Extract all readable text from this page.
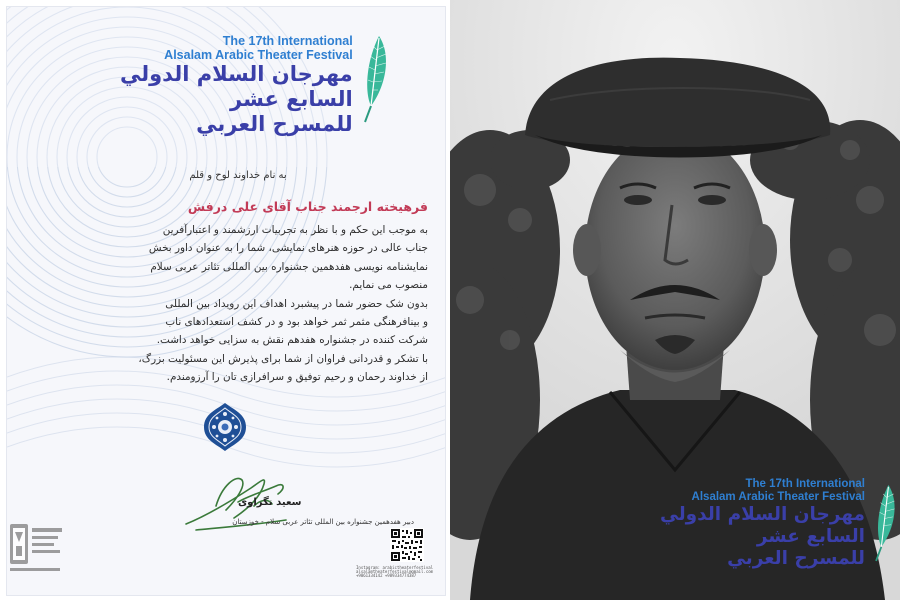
The 17th International
Alsalam Arabic Theater Festival
مهرجان السلام الدولي
السابع عشر
للمسرح العربي
به نام خداوند لوح و قلم
فرهیخته ارجمند جناب آقای علی درفش
به موجب این حکم و با نظر به تجربیات ارزشمند و اعتبارآفرین
جناب عالی در حوزه هنرهای نمایشی، شما را به عنوان داور بخش
نمایشنامه نویسی هفدهمین جشنواره بین المللی تئاتر عربی سلام
منصوب می نمایم.
بدون شک حضور شما در پیشبرد اهداف این رویداد بین المللی
و بینافرهنگی مثمر ثمر خواهد بود و در کشف استعدادهای ناب
شرکت کننده در جشنواره هفدهم نقش به سزایی خواهد داشت.
با تشکر و قدردانی فراوان از شما برای پذیرش این مسئولیت بزرگ،
از خداوند رحمان و رحیم توفیق و سرافرازی تان را آرزومندم.
سعید نگراوی
دبیر هفدهمین جشنواره بین المللی تئاتر عربی سلام - خوزستان
Instagram: arabictheaterfestival
alsalamtheaterfestival@gmail.com
+9861334142 +989334774387
The 17th International
Alsalam Arabic Theater Festival
مهرجان السلام الدولي
السابع عشر
للمسرح العربي
